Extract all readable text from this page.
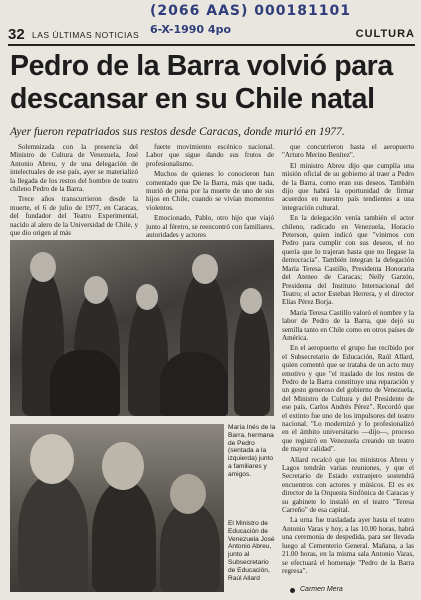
(2066 AAS) 000181101
6-X-1990 4po
32 LAS ÚLTIMAS NOTICIAS	CULTURA
Pedro de la Barra volvió para descansar en su Chile natal

Ayer fueron repatriados sus restos desde Caracas, donde murió en 1977.

Solemnizada con la presencia del Ministro de Cultura de Venezuela, José Antonio Abreu, y de una delegación de intelectuales de ese país, ayer se materializó la llegada de los restos del hombre de teatro chileno Pedro de la Barra.

Trece años transcurrieron desde la muerte, el 6 de julio de 1977, en Caracas, del fundador del Teatro Experimental, nacido al alero de la Universidad de Chile, y que dio origen al más

fuerte movimiento escénico nacional. Labor que sigue dando sus frutos de profesionalismo.

Muchos de quienes lo conocieron han comentado que De la Barra, más que nada, murió de pena por la muerte de uno de sus hijos en Chile, cuando se vivían momentos violentos.

Emocionado, Pablo, otro hijo que viajó junto al féretro, se reencontró con familiares, autoridades y actores

que concurrieron hasta el aeropuerto "Arturo Merino Benítez".

El ministro Abreu dijo que cumplía una misión oficial de su gobierno al traer a Pedro de la Barra, como eran sus deseos. También dijo que habrá la oportunidad de firmar acuerdos en nuestro país tendientes a una integración cultural.

En la delegación venía también el actor chileno, radicado en Venezuela, Horacio Peterson, quien indicó que "vinimos con Pedro para cumplir con sus deseos, el no quería que lo trajeran hasta que no llegase la democracia". También integran la delegación María Teresa Castillo, Presidenta Honoraria del Ateneo de Caracas; Nelly Garzón, Presidenta del Instituto Internacional del Teatro; el actor Esteban Herrera, y el director Elías Pérez Borja.

María Teresa Castillo valoró el nombre y la labor de Pedro de la Barra, que dejó su semilla tanto en Chile como en otros países de América.

En el aeropuerto el grupo fue recibido por el Subsecretario de Educación, Raúl Allard, quien comentó que se trataba de un acto muy emotivo y que "el traslado de los restos de Pedro de la Barra constituye una reparación y un gesto generoso del gobierno de Venezuela, del Ministro de Cultura y del Presidente de ese país, Carlos Andrés Pérez". Recordó que el extinto fue uno de los impulsores del teatro nacional. "Lo modernizó y lo profesionalizó en el ámbito universitario —dijo—, proceso que registró en Venezuela creando un teatro de mayor calidad".

Allard recalcó que los ministros Abreu y Lagos tendrán varias reuniones, y que el Secretario de Estado extranjero sostendrá encuentros con actores y músicos. El es ex director de la Orquesta Sinfónica de Caracas y su gabinete lo instaló en el teatro "Teresa Carreño" de esa capital.

La urna fue trasladada ayer hasta el teatro Antonio Varas y hoy, a las 10.00 horas, habrá una ceremonia de despedida, para ser llevada luego al Cementerio General. Mañana, a las 21.00 horas, en la misma sala Antonio Varas, se efectuará el homenaje "Pedro de la Barra regresa".

María Inés de la Barra, hermana de Pedro (sentada a la izquierda) junto a familiares y amigos.
El Ministro de Educación de Venezuela José Antonio Abreu, junto al Subsecretario de Educación, Raúl Allard
Carmen Mera
